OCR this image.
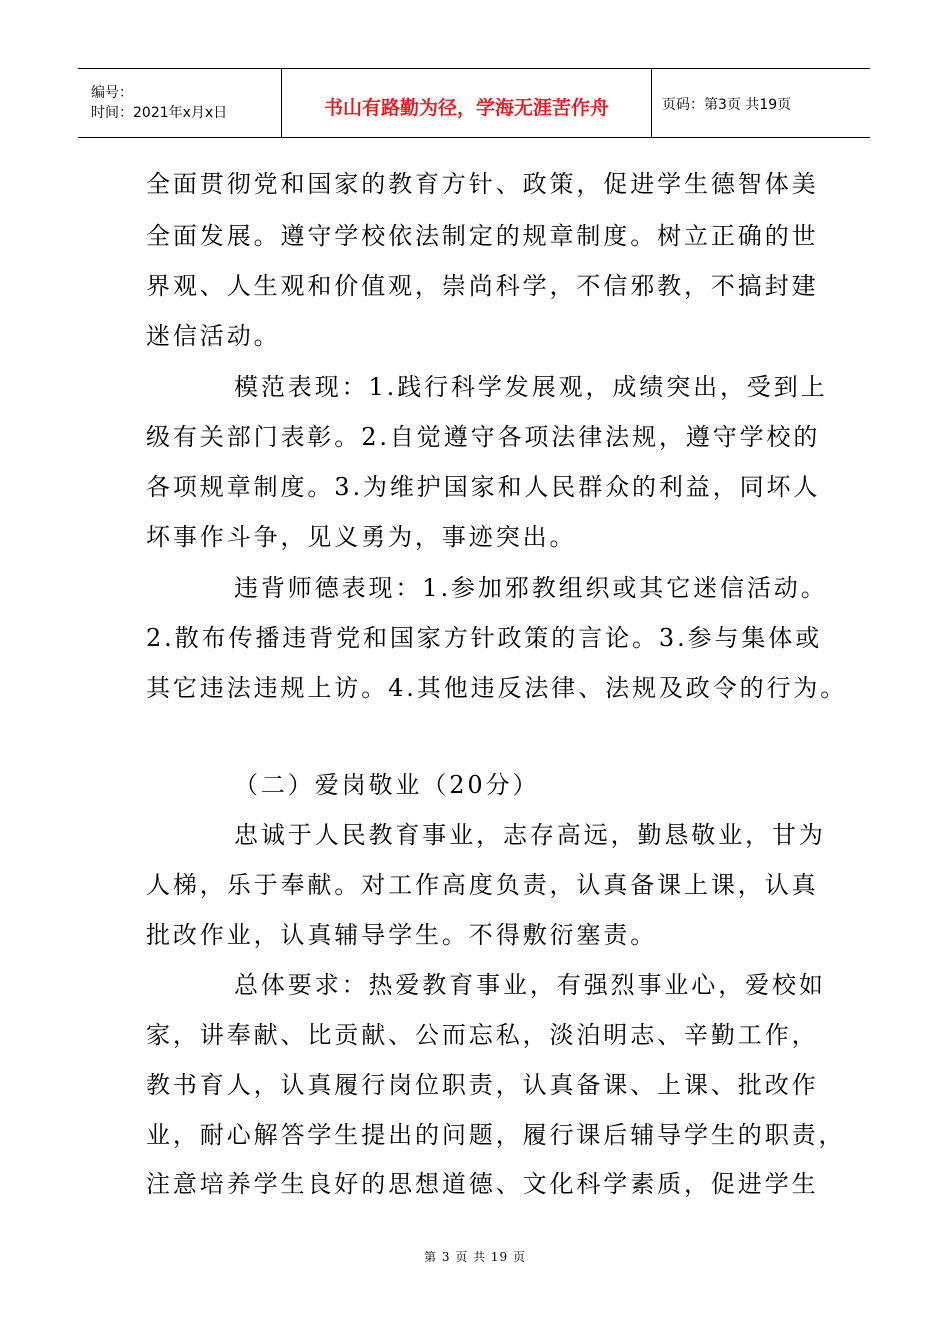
编号：
时间：2021年x月x日	书山有路勤为径，学海无涯苦作舟	页码：第3页 共19页
全面贯彻党和国家的教育方针、政策，促进学生德智体美
全面发展。遵守学校依法制定的规章制度。树立正确的世
界观、人生观和价值观，崇尚科学，不信邪教，不搞封建
迷信活动。
模范表现：1.践行科学发展观，成绩突出，受到上
级有关部门表彰。2.自觉遵守各项法律法规，遵守学校的
各项规章制度。3.为维护国家和人民群众的利益，同坏人
坏事作斗争，见义勇为，事迹突出。
违背师德表现：1.参加邪教组织或其它迷信活动。
2.散布传播违背党和国家方针政策的言论。3.参与集体或
其它违法违规上访。4.其他违反法律、法规及政令的行为。
（二）爱岗敬业（20分）
忠诚于人民教育事业，志存高远，勤恳敬业，甘为
人梯，乐于奉献。对工作高度负责，认真备课上课，认真
批改作业，认真辅导学生。不得敷衍塞责。
总体要求：热爱教育事业，有强烈事业心，爱校如
家，讲奉献、比贡献、公而忘私，淡泊明志、辛勤工作，
教书育人，认真履行岗位职责，认真备课、上课、批改作
业，耐心解答学生提出的问题，履行课后辅导学生的职责，
注意培养学生良好的思想道德、文化科学素质，促进学生
第 3 页 共 19 页
